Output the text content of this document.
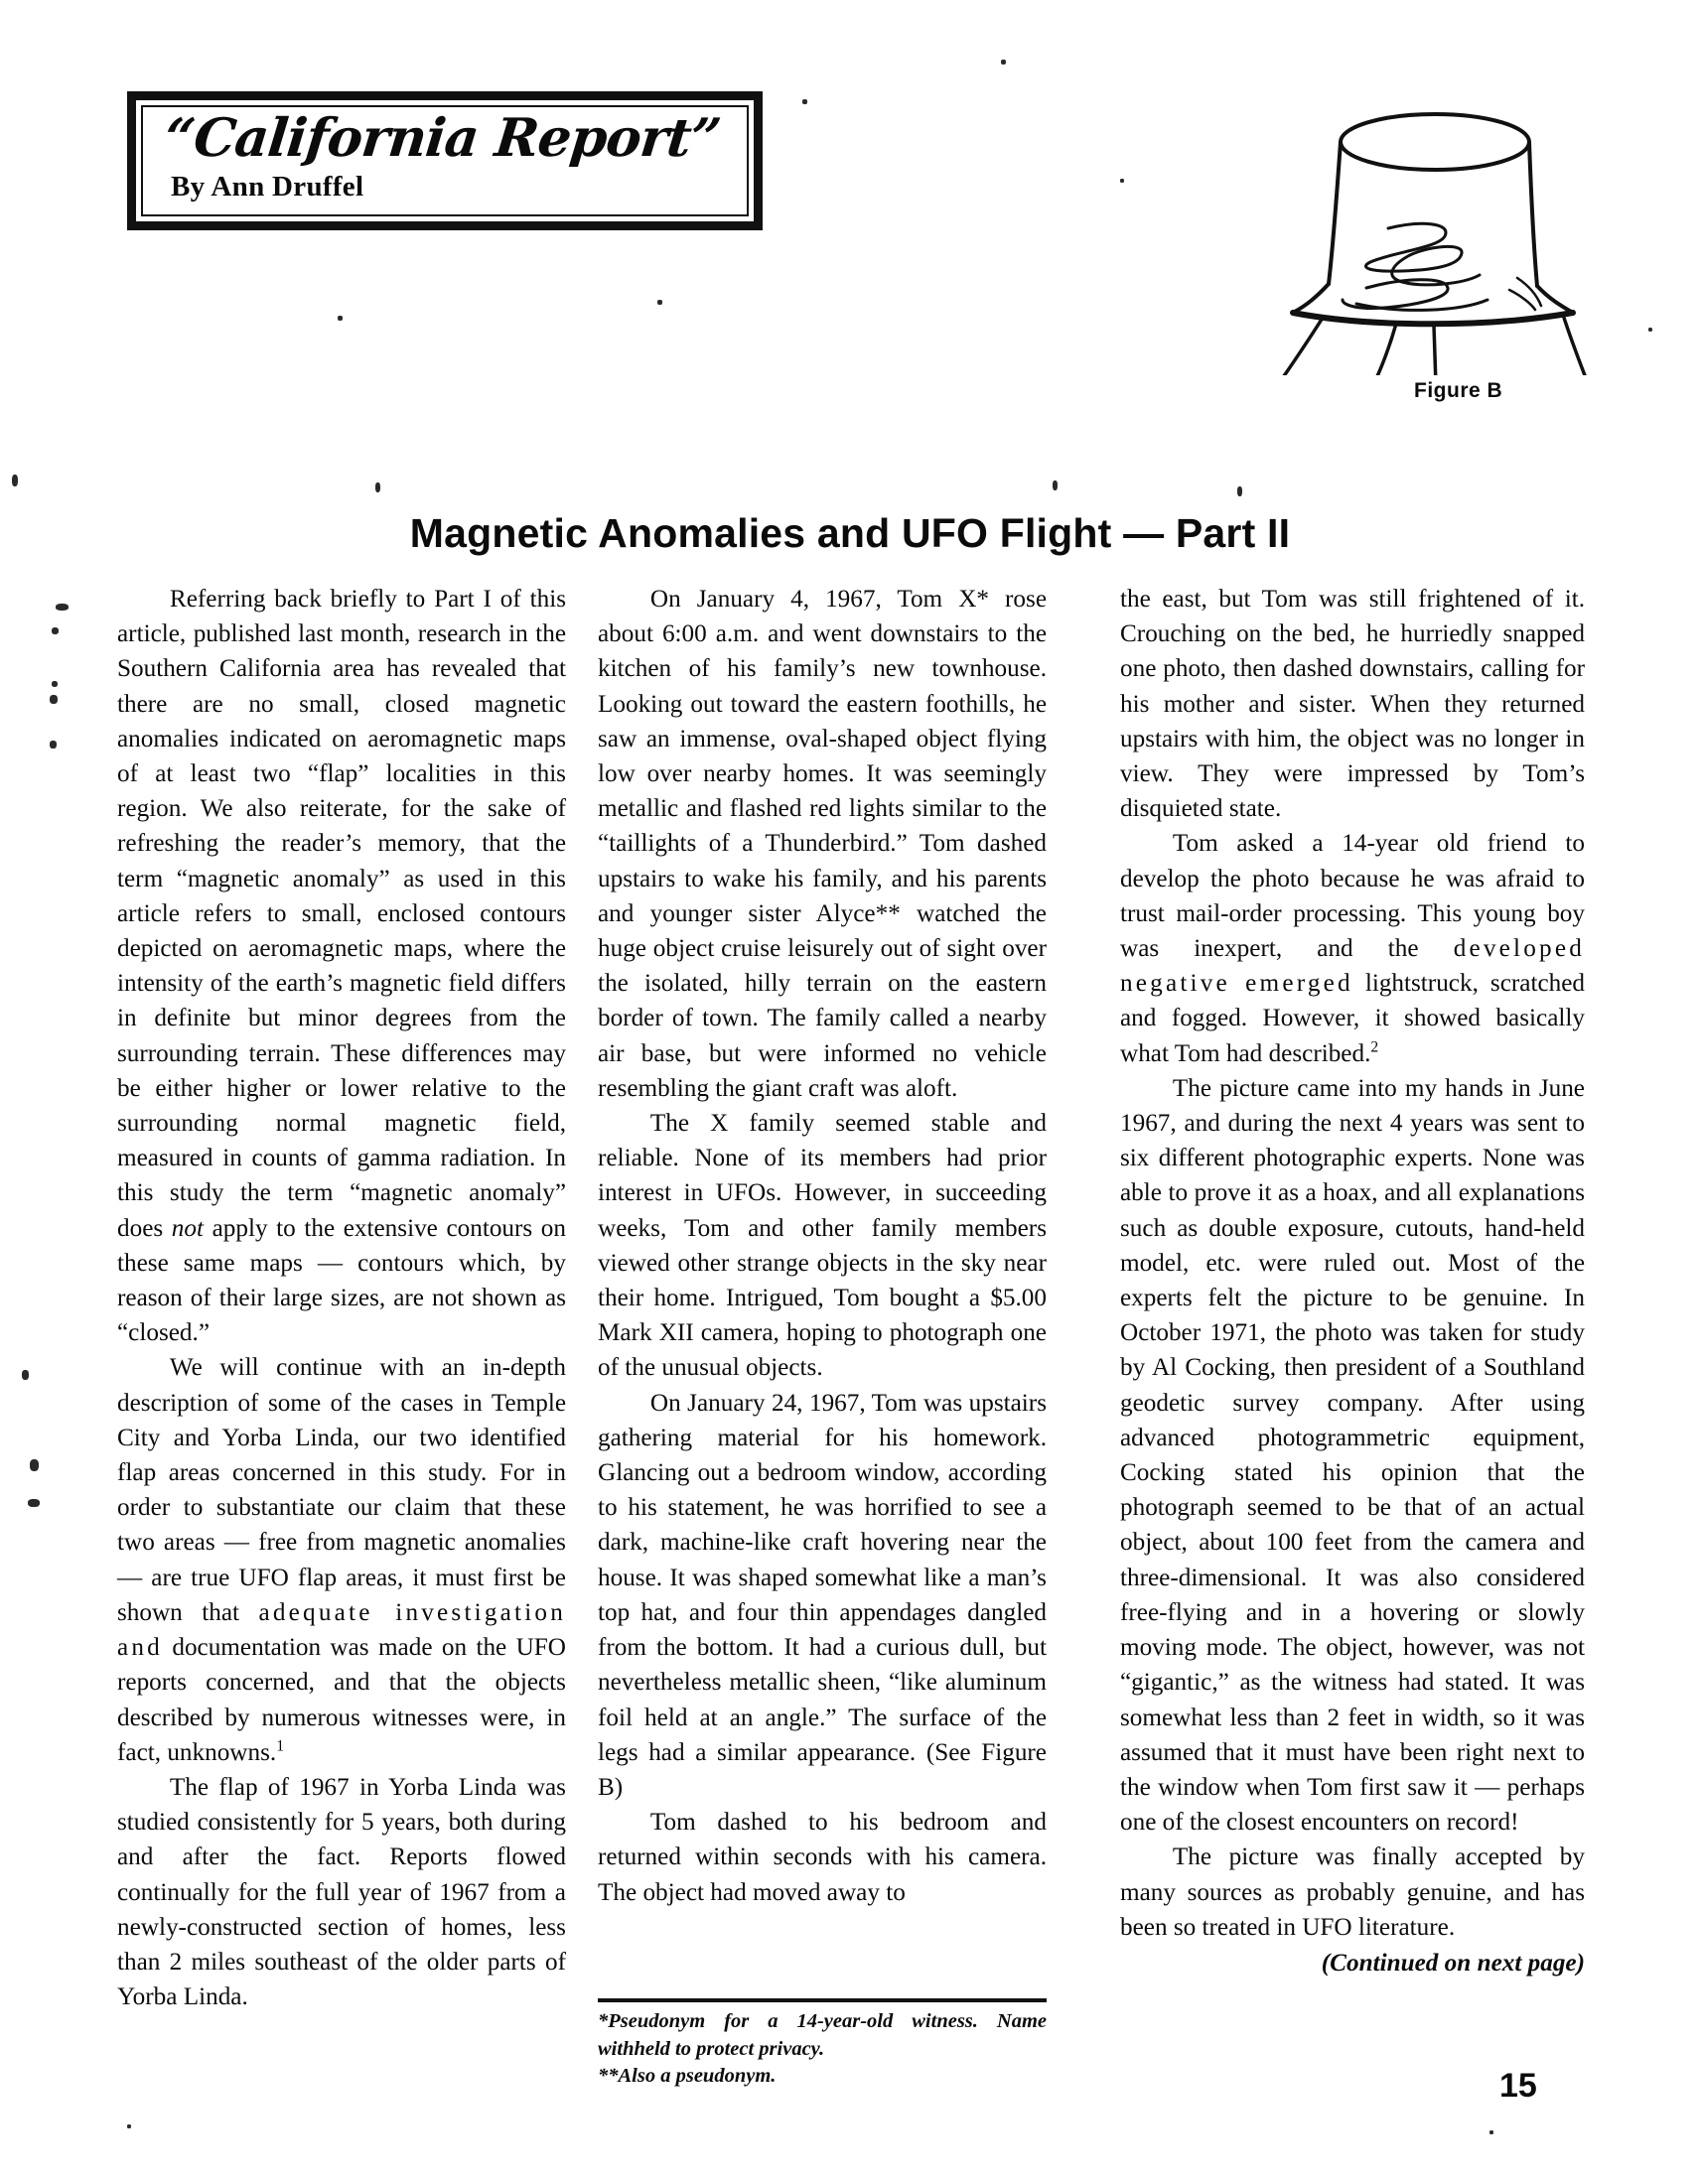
“California Report”
By Ann Druffel
Figure B
Magnetic Anomalies and UFO Flight — Part II

Referring back briefly to Part I of this article, published last month, research in the Southern California area has revealed that there are no small, closed magnetic anomalies indicated on aeromagnetic maps of at least two “flap” localities in this region. We also reiterate, for the sake of refreshing the reader’s memory, that the term “magnetic anomaly” as used in this article refers to small, enclosed contours depicted on aeromagnetic maps, where the intensity of the earth’s magnetic field differs in definite but minor degrees from the surrounding terrain. These differences may be either higher or lower relative to the surrounding normal magnetic field, measured in counts of gamma radiation. In this study the term “magnetic anomaly” does not apply to the extensive contours on these same maps — contours which, by reason of their large sizes, are not shown as “closed.”

We will continue with an in-depth description of some of the cases in Temple City and Yorba Linda, our two identified flap areas concerned in this study. For in order to substantiate our claim that these two areas — free from magnetic anomalies — are true UFO flap areas, it must first be shown that adequate investigation and documentation was made on the UFO reports concerned, and that the objects described by numerous witnesses were, in fact, unknowns.$^1$

The flap of 1967 in Yorba Linda was studied consistently for 5 years, both during and after the fact. Reports flowed continually for the full year of 1967 from a newly-constructed section of homes, less than 2 miles southeast of the older parts of Yorba Linda.

On January 4, 1967, Tom X* rose about 6:00 a.m. and went downstairs to the kitchen of his family’s new townhouse. Looking out toward the eastern foothills, he saw an immense, oval-shaped object flying low over nearby homes. It was seemingly metallic and flashed red lights similar to the “taillights of a Thunderbird.” Tom dashed upstairs to wake his family, and his parents and younger sister Alyce** watched the huge object cruise leisurely out of sight over the isolated, hilly terrain on the eastern border of town. The family called a nearby air base, but were informed no vehicle resembling the giant craft was aloft.

The X family seemed stable and reliable. None of its members had prior interest in UFOs. However, in succeeding weeks, Tom and other family members viewed other strange objects in the sky near their home. Intrigued, Tom bought a $5.00 Mark XII camera, hoping to photograph one of the unusual objects.

On January 24, 1967, Tom was upstairs gathering material for his homework. Glancing out a bedroom window, according to his statement, he was horrified to see a dark, machine-like craft hovering near the house. It was shaped somewhat like a man’s top hat, and four thin appendages dangled from the bottom. It had a curious dull, but nevertheless metallic sheen, “like aluminum foil held at an angle.” The surface of the legs had a similar appearance. (See Figure B)

Tom dashed to his bedroom and returned within seconds with his camera. The object had moved away to

the east, but Tom was still frightened of it. Crouching on the bed, he hurriedly snapped one photo, then dashed downstairs, calling for his mother and sister. When they returned upstairs with him, the object was no longer in view. They were impressed by Tom’s disquieted state.

Tom asked a 14-year old friend to develop the photo because he was afraid to trust mail-order processing. This young boy was inexpert, and the developed negative emerged lightstruck, scratched and fogged. However, it showed basically what Tom had described.$^2$

The picture came into my hands in June 1967, and during the next 4 years was sent to six different photographic experts. None was able to prove it as a hoax, and all explanations such as double exposure, cutouts, hand-held model, etc. were ruled out. Most of the experts felt the picture to be genuine. In October 1971, the photo was taken for study by Al Cocking, then president of a Southland geodetic survey company. After using advanced photogrammetric equipment, Cocking stated his opinion that the photograph seemed to be that of an actual object, about 100 feet from the camera and three-dimensional. It was also considered free-flying and in a hovering or slowly moving mode. The object, however, was not “gigantic,” as the witness had stated. It was somewhat less than 2 feet in width, so it was assumed that it must have been right next to the window when Tom first saw it — perhaps one of the closest encounters on record!

The picture was finally accepted by many sources as probably genuine, and has been so treated in UFO literature.
(Continued on next page)

*Pseudonym for a 14-year-old witness. Name withheld to protect privacy.

**Also a pseudonym.	15
